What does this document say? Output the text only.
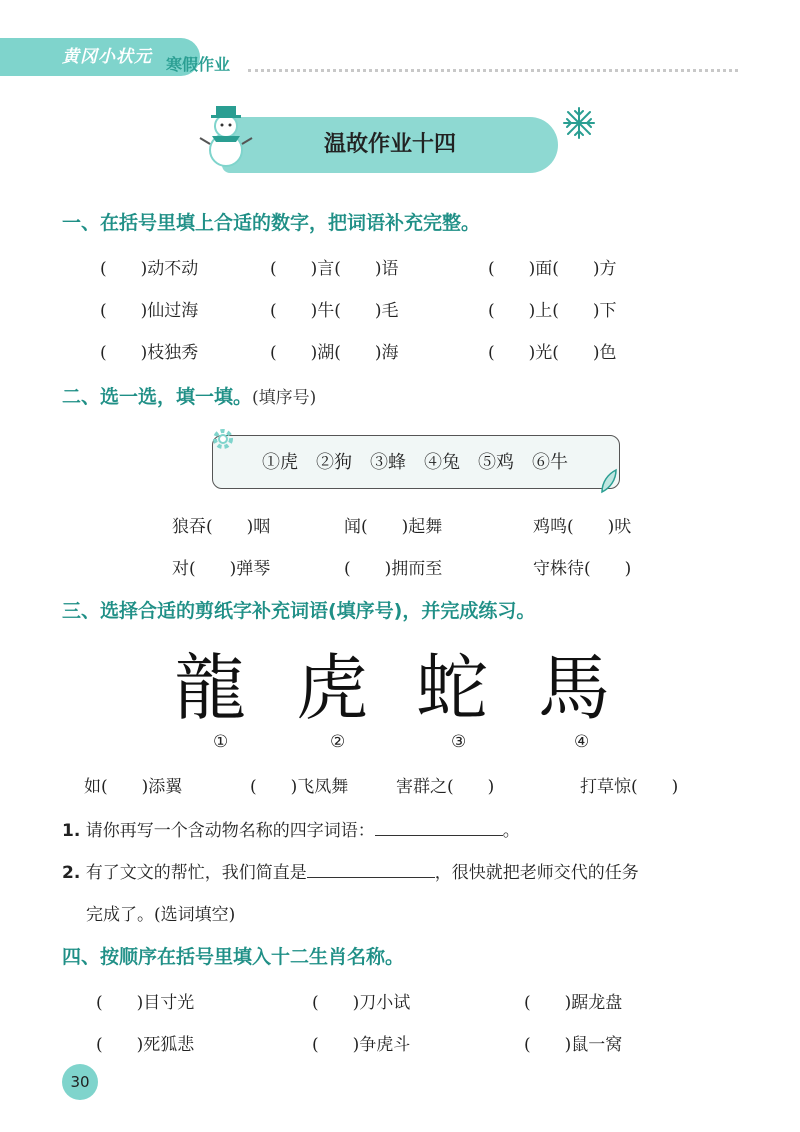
黄冈小状元 寒假作业
温故作业十四
一、在括号里填上合适的数字，把词语补充完整。
(　　)动不动	(　　)言(　　)语	(　　)面(　　)方
(　　)仙过海	(　　)牛(　　)毛	(　　)上(　　)下
(　　)枝独秀	(　　)湖(　　)海	(　　)光(　　)色
二、选一选，填一填。(填序号)
①虎　②狗　③蜂　④兔　⑤鸡　⑥牛
狼吞(　　)咽	闻(　　)起舞	鸡鸣(　　)吠
对(　　)弹琴	(　　)拥而至	守株待(　　)
三、选择合适的剪纸字补充词语(填序号)，并完成练习。
龍 虎 蛇 馬
①	②	③	④
如(　　)添翼	(　　)飞凤舞	害群之(　　)	打草惊(　　)
1. 请你再写一个含动物名称的四字词语：	。
2. 有了文文的帮忙，我们简直是	，很快就把老师交代的任务
完成了。(选词填空)
四、按顺序在括号里填入十二生肖名称。
(　　)目寸光	(　　)刀小试	(　　)踞龙盘
(　　)死狐悲	(　　)争虎斗	(　　)鼠一窝
30
